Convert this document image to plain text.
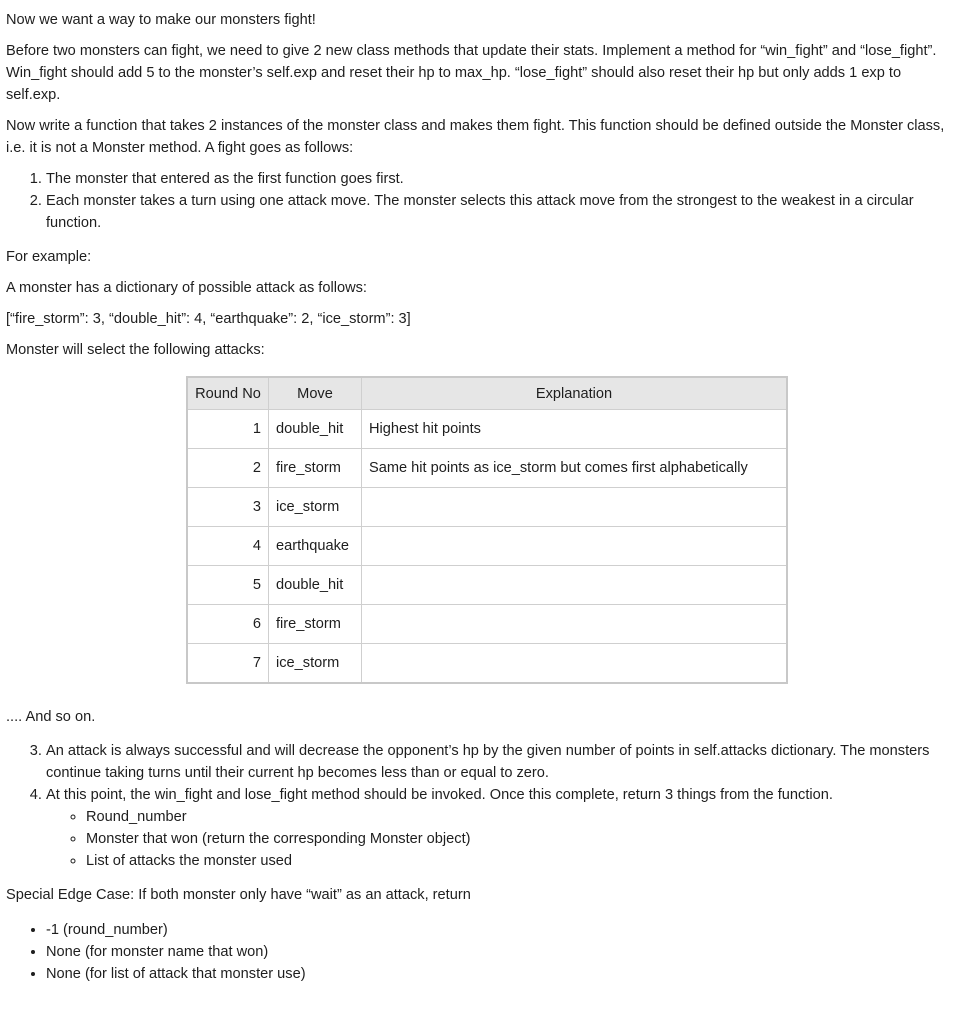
Now we want a way to make our monsters fight!

Before two monsters can fight, we need to give 2 new class methods that update their stats. Implement a method for “win_fight” and “lose_fight”. Win_fight should add 5 to the monster’s self.exp and reset their hp to max_hp. “lose_fight” should also reset their hp but only adds 1 exp to self.exp.

Now write a function that takes 2 instances of the monster class and makes them fight. This function should be defined outside the Monster class, i.e. it is not a Monster method. A fight goes as follows:

1. The monster that entered as the first function goes first.
2. Each monster takes a turn using one attack move. The monster selects this attack move from the strongest to the weakest in a circular function.

For example:

A monster has a dictionary of possible attack as follows:

[“fire_storm”: 3, “double_hit”: 4, “earthquake”: 2, “ice_storm”: 3]

Monster will select the following attacks:

Round No	Move	Explanation
1	double_hit	Highest hit points
2	fire_storm	Same hit points as ice_storm but comes first alphabetically
3	ice_storm	
4	earthquake	
5	double_hit	
6	fire_storm	
7	ice_storm	

.... And so on.

3. An attack is always successful and will decrease the opponent’s hp by the given number of points in self.attacks dictionary. The monsters continue taking turns until their current hp becomes less than or equal to zero.
4. At this point, the win_fight and lose_fight method should be invoked. Once this complete, return 3 things from the function.
◦ Round_number
◦ Monster that won (return the corresponding Monster object)
◦ List of attacks the monster used

Special Edge Case: If both monster only have “wait” as an attack, return

• -1 (round_number)
• None (for monster name that won)
• None (for list of attack that monster use)
